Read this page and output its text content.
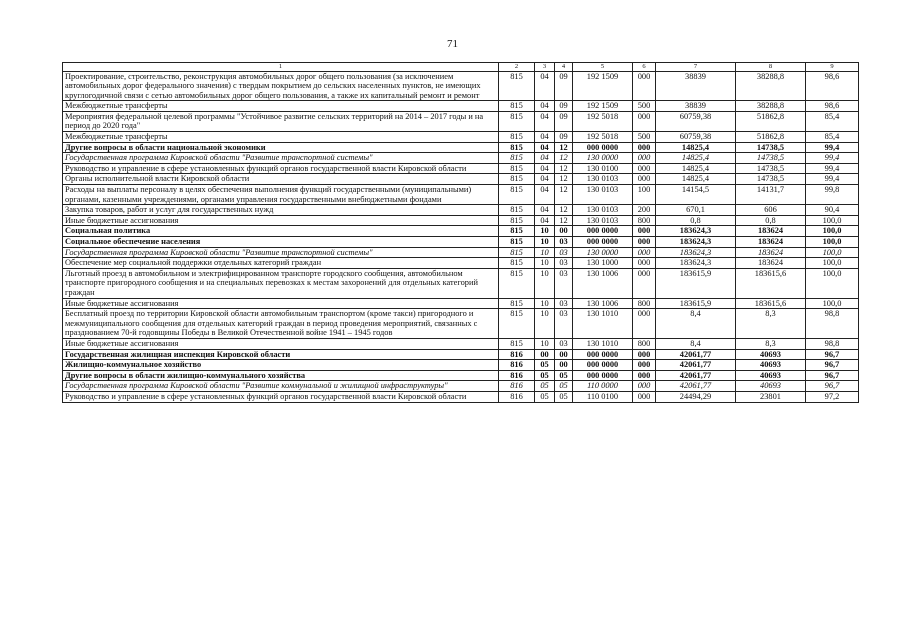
71
1	2	3	4	5	6	7	8	9
Проектирование, строительство, реконструкция автомобильных дорог общего пользования (за исключением автомобильных дорог федерального значения) с твердым покрытием до сельских населенных пунктов, не имеющих круглогодичной связи с сетью автомобильных дорог общего пользования, а также их капитальный ремонт и ремонт	815	04	09	192 1509	000	38839	38288,8	98,6
Межбюджетные трансферты	815	04	09	192 1509	500	38839	38288,8	98,6
Мероприятия федеральной целевой программы "Устойчивое развитие сельских территорий на 2014 – 2017 годы и на период до 2020 года"	815	04	09	192 5018	000	60759,38	51862,8	85,4
Межбюджетные трансферты	815	04	09	192 5018	500	60759,38	51862,8	85,4
Другие вопросы в области национальной экономики	815	04	12	000 0000	000	14825,4	14738,5	99,4
Государственная программа Кировской области "Развитие транспортной системы"	815	04	12	130 0000	000	14825,4	14738,5	99,4
Руководство и управление в сфере установленных функций органов государственной власти Кировской области	815	04	12	130 0100	000	14825,4	14738,5	99,4
Органы исполнительной власти Кировской области	815	04	12	130 0103	000	14825,4	14738,5	99,4
Расходы на выплаты персоналу в целях обеспечения выполнения функций государственными (муниципальными) органами, казенными учреждениями, органами управления государственными внебюджетными фондами	815	04	12	130 0103	100	14154,5	14131,7	99,8
Закупка товаров, работ и услуг для государственных нужд	815	04	12	130 0103	200	670,1	606	90,4
Иные бюджетные ассигнования	815	04	12	130 0103	800	0,8	0,8	100,0
Социальная политика	815	10	00	000 0000	000	183624,3	183624	100,0
Социальное обеспечение населения	815	10	03	000 0000	000	183624,3	183624	100,0
Государственная программа Кировской области "Развитие транспортной системы"	815	10	03	130 0000	000	183624,3	183624	100,0
Обеспечение мер социальной поддержки отдельных категорий граждан	815	10	03	130 1000	000	183624,3	183624	100,0
Льготный проезд в автомобильном и электрифицированном транспорте городского сообщения, автомобильном транспорте пригородного сообщения и на специальных перевозках к местам захоронений для отдельных категорий граждан	815	10	03	130 1006	000	183615,9	183615,6	100,0
Иные бюджетные ассигнования	815	10	03	130 1006	800	183615,9	183615,6	100,0
Бесплатный проезд по территории Кировской области автомобильным транспортом (кроме такси) пригородного и межмуниципального сообщения для отдельных категорий граждан в период проведения мероприятий, связанных с празднованием 70-й годовщины Победы в Великой Отечественной войне 1941 – 1945 годов	815	10	03	130 1010	000	8,4	8,3	98,8
Иные бюджетные ассигнования	815	10	03	130 1010	800	8,4	8,3	98,8
Государственная жилищная инспекция Кировской области	816	00	00	000 0000	000	42061,77	40693	96,7
Жилищно-коммунальное хозяйство	816	05	00	000 0000	000	42061,77	40693	96,7
Другие вопросы в области жилищно-коммунального хозяйства	816	05	05	000 0000	000	42061,77	40693	96,7
Государственная программа Кировской области "Развитие коммунальной и жилищной инфраструктуры"	816	05	05	110 0000	000	42061,77	40693	96,7
Руководство и управление в сфере установленных функций органов государственной власти Кировской области	816	05	05	110 0100	000	24494,29	23801	97,2
